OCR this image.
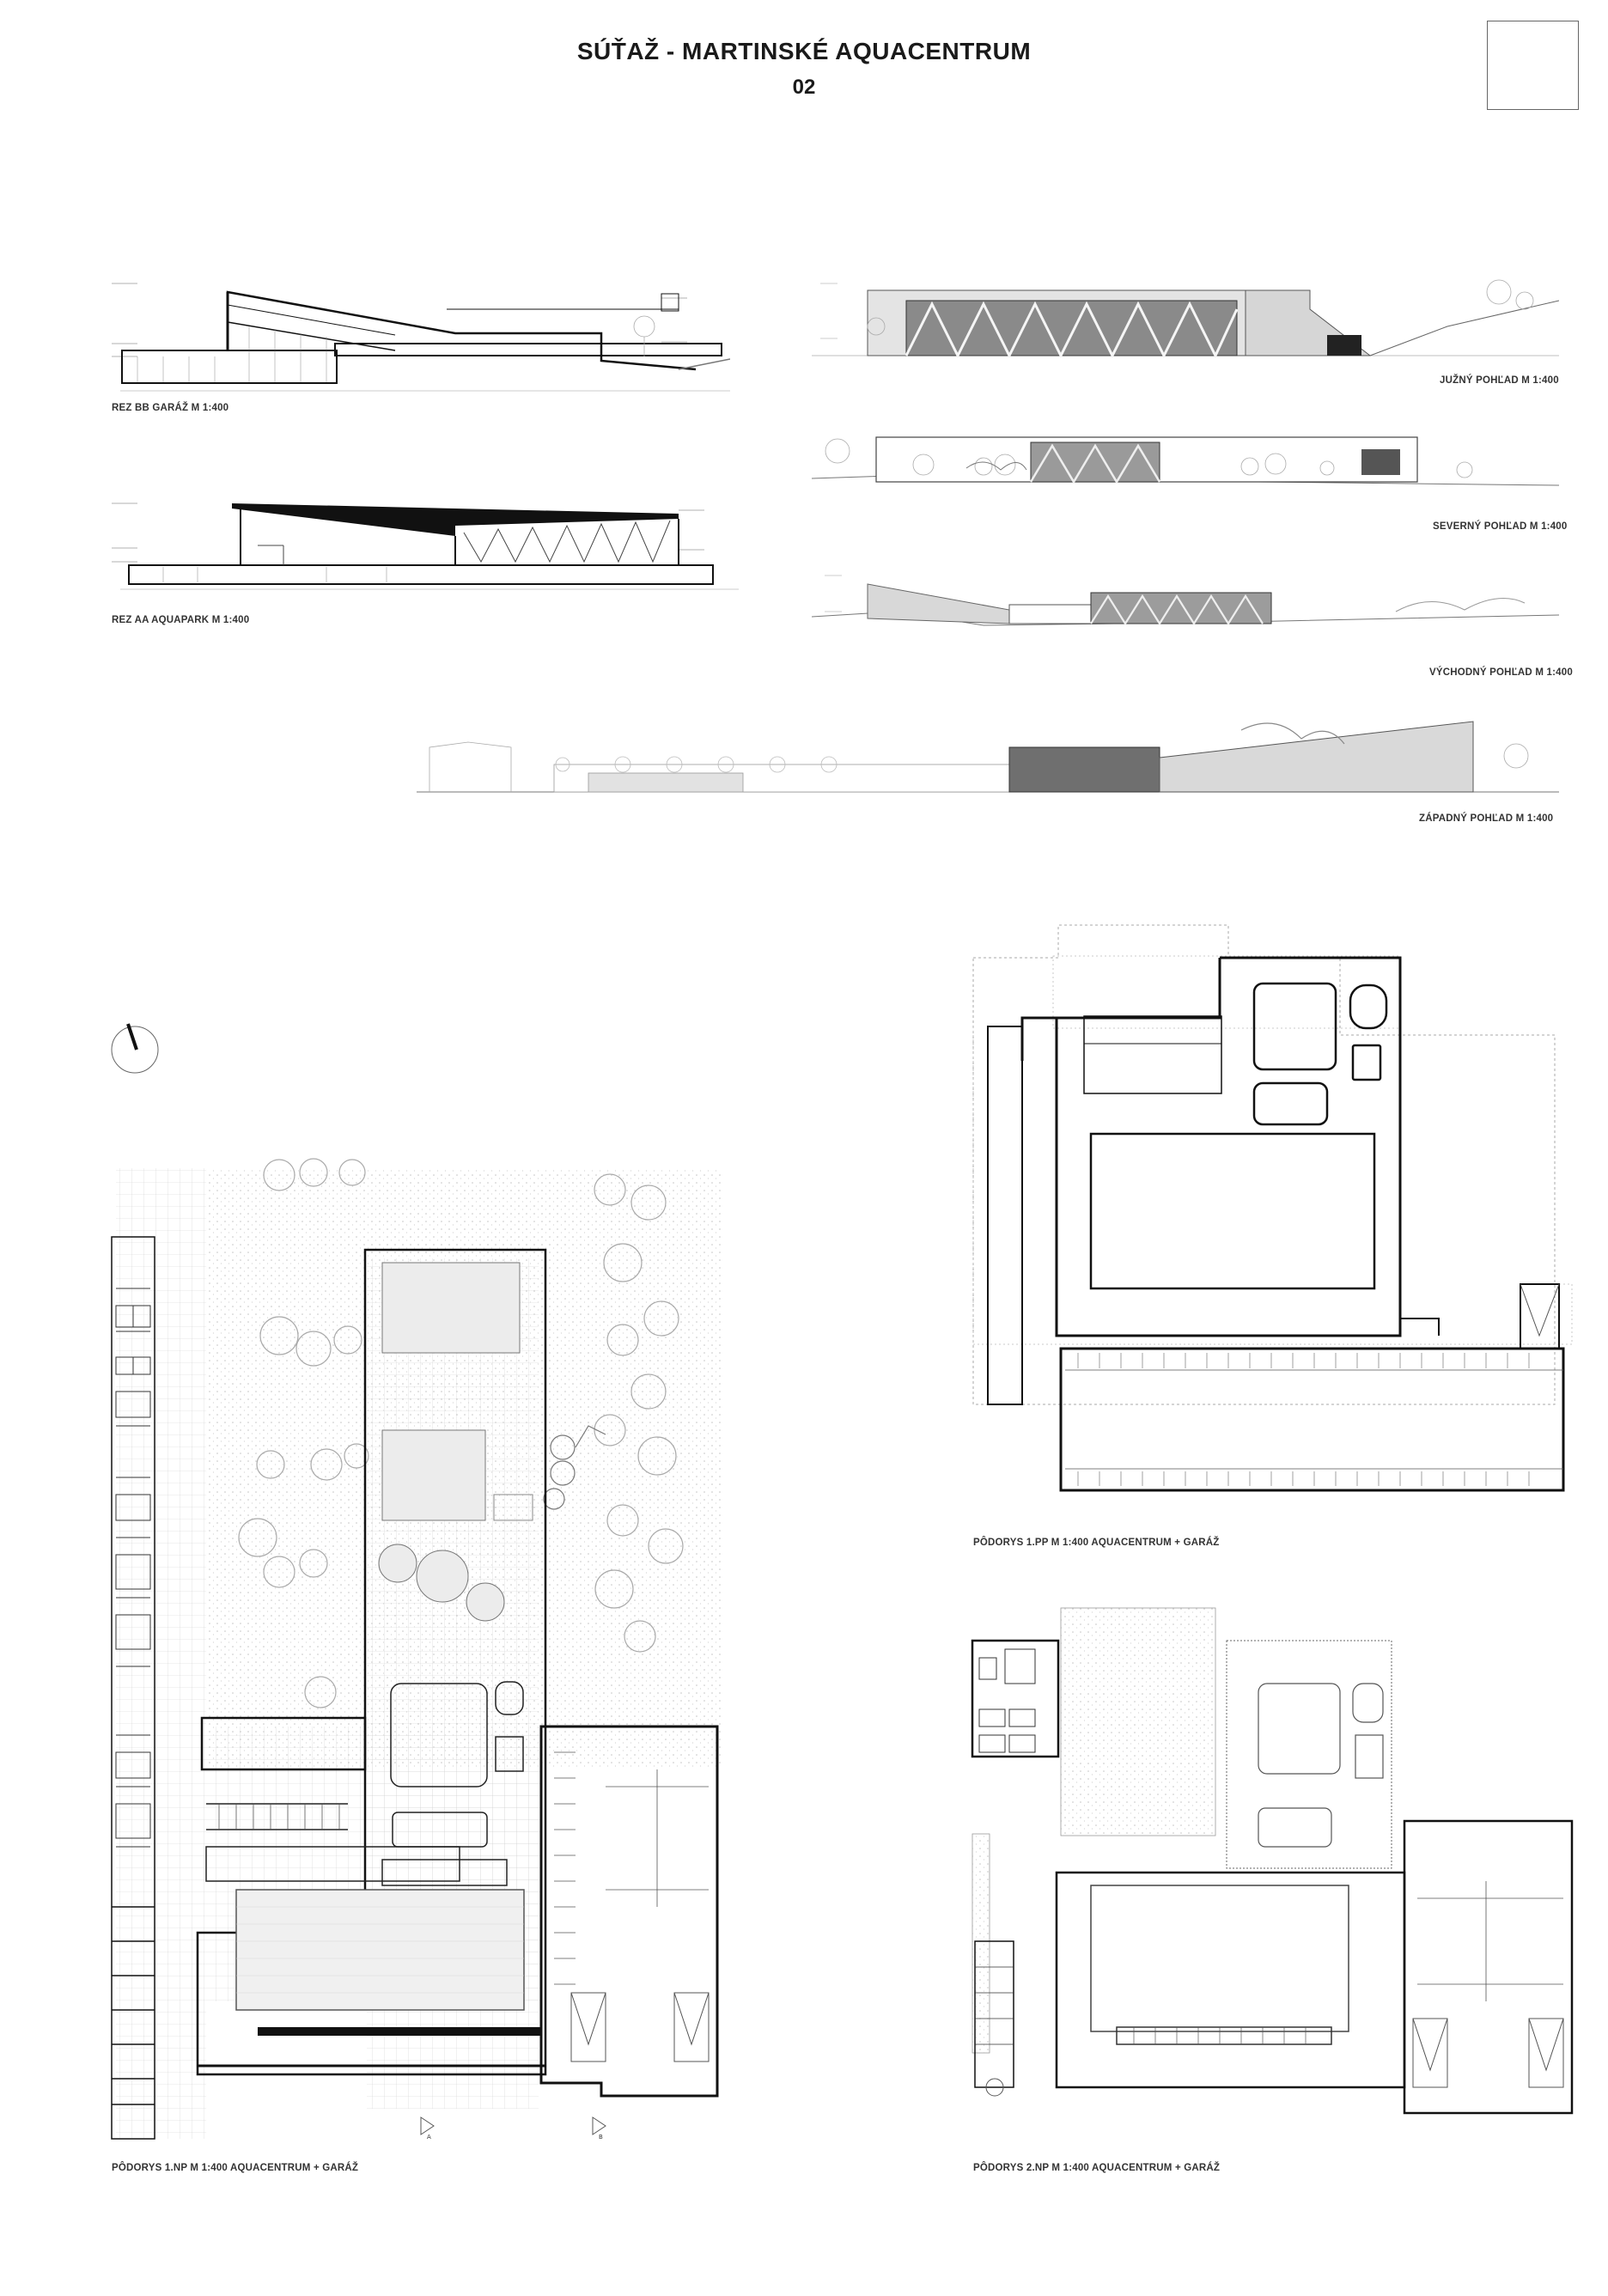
SÚŤAŽ - MARTINSKÉ AQUACENTRUM
02
REZ BB GARÁŽ M 1:400
REZ AA AQUAPARK M 1:400
JUŽNÝ POHĽAD M 1:400
SEVERNÝ POHĽAD M 1:400
VÝCHODNÝ POHĽAD M 1:400
ZÁPADNÝ POHĽAD M 1:400
PÔDORYS 1.PP M 1:400 AQUACENTRUM + GARÁŽ
A	B
PÔDORYS 1.NP M 1:400 AQUACENTRUM + GARÁŽ	PÔDORYS 2.NP M 1:400 AQUACENTRUM + GARÁŽ
